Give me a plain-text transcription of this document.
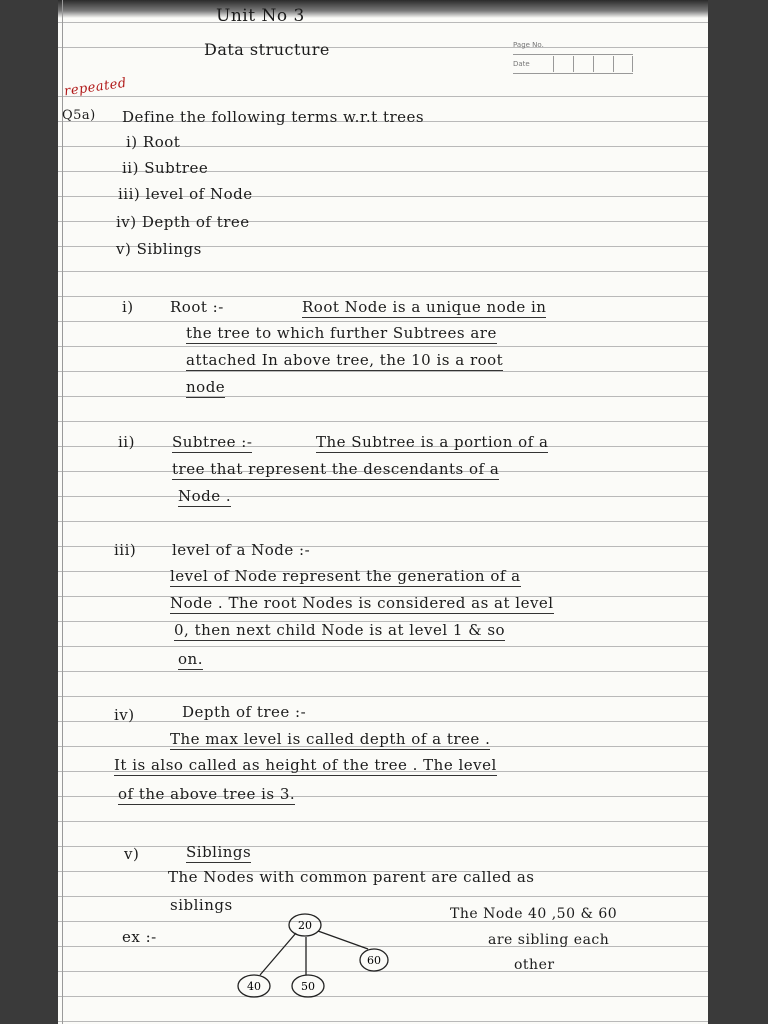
Page No.
Date
Unit No 3
Data structure
repeated
Q5a) Define the following terms w.r.t trees
i) Root
ii) Subtree
iii) level of Node
iv) Depth of tree
v) Siblings
i) Root :-	Root Node is a unique node in
the tree to which further Subtrees are
attached In above tree, the 10 is a root
node
ii) Subtree :-	The Subtree is a portion of a
tree that represent the descendants of a
Node .
iii) level of a Node :-
level of Node represent the generation of a
Node . The root Nodes is considered as at level
0, then next child Node is at level 1 & so
on.
iv)	Depth of tree :-
The max level is called depth of a tree .
It is also called as height of the tree . The level
of the above tree is 3.
v)	Siblings
The Nodes with common parent are called as
siblings
ex :-
The Node 40 ,50 & 60
are sibling each
other
20
40	50
60
